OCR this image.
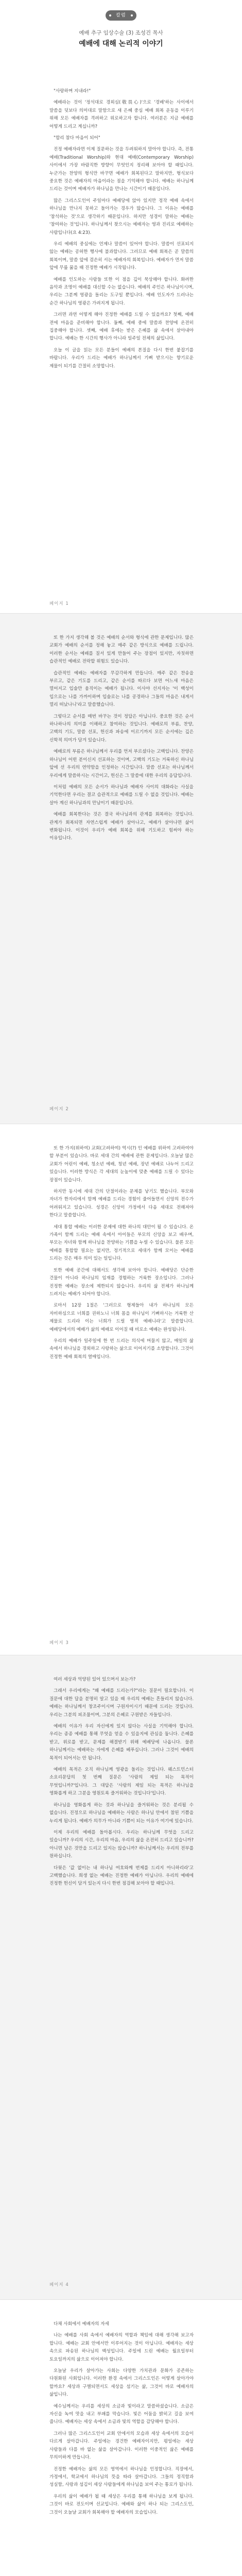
칼럼
예배 추구 임상수술 (3) 조성건 목사
예배에 대해 논리적 이야기

"사랑하며 지내라!"

예배라는 것이 '정석대로 경외심(敬畏心)'으로 '경배'하는 사이에서 말씀을 덧보다 의미대로 말함으로 새 은혜 중심 예배 회복 운동을 이루기 위해 모든 예배자를 격려하고 위로하고자 합니다. 여러분은 지금 예배를 어떻게 드리고 계십니까?

"합리 참다 마음이 되어"

진정 예배자라면 이제 질문하는 것을 두려워하지 말아야 합니다. 즉, 전통 예배(Traditional Worship)와 현대 예배(Contemporary Worship) 사이에서 가장 바람직한 방향이 무엇인지 정리해 보아야 할 때입니다. 누군가는 찬양의 형식만 바꾸면 예배가 회복된다고 말하지만, 형식보다 중요한 것은 예배자의 마음이라는 점을 기억해야 합니다. 예배는 하나님께 드리는 것이며 예배자가 하나님을 만나는 시간이기 때문입니다.

많은 그리스도인이 주일마다 예배당에 앉아 있지만 정작 예배 속에서 하나님을 만나지 못하고 돌아가는 경우가 많습니다. 그 이유는 예배를 '참석하는 것'으로 생각하기 때문입니다. 하지만 성경이 말하는 예배는 '참여하는 것'입니다. 하나님께서 찾으시는 예배자는 영과 진리로 예배하는 사람입니다(요 4:23).

우리 예배의 중심에는 언제나 말씀이 있어야 합니다. 말씀이 선포되지 않는 예배는 공허한 행사에 불과합니다. 그러므로 예배 회복은 곧 말씀의 회복이며, 말씀 앞에 겸손히 서는 예배자의 회복입니다. 예배자가 먼저 말씀 앞에 무릎 꿇을 때 진정한 예배가 시작됩니다.

예배를 인도하는 사람들 또한 이 점을 깊이 묵상해야 합니다. 화려한 음악과 조명이 예배를 대신할 수는 없습니다. 예배의 주인은 하나님이시며, 우리는 그분께 영광을 돌리는 도구일 뿐입니다. 예배 인도자가 드러나는 순간 하나님의 영광은 가려지게 됩니다.

그러면 과연 어떻게 해야 진정한 예배를 드릴 수 있을까요? 첫째, 예배 전에 마음을 준비해야 합니다. 둘째, 예배 중에 말씀과 찬양에 온전히 집중해야 합니다. 셋째, 예배 후에는 받은 은혜를 삶 속에서 살아내야 합니다. 예배는 한 시간의 행사가 아니라 일주일 전체의 삶입니다.

오늘 이 글을 읽는 모든 분들이 예배의 본질을 다시 한번 붙잡기를 바랍니다. 우리가 드리는 예배가 하나님께서 기뻐 받으시는 향기로운 제물이 되기를 간절히 소망합니다.

페이지 1

또 한 가지 생각해 볼 것은 예배의 순서와 형식에 관한 문제입니다. 많은 교회가 예배의 순서를 정해 놓고 매주 같은 방식으로 예배를 드립니다. 이러한 순서는 예배를 질서 있게 만들어 주는 장점이 있지만, 자칫하면 습관적인 예배로 전락할 위험도 있습니다.

습관적인 예배는 예배자를 무감각하게 만듭니다. 매주 같은 찬송을 부르고, 같은 기도를 드리고, 같은 순서를 따르다 보면 어느새 마음은 멀어지고 입술만 움직이는 예배가 됩니다. 이사야 선지자는 '이 백성이 입으로는 나를 가까이하며 입술로는 나를 공경하나 그들의 마음은 내게서 멀리 떠났나니'라고 말씀했습니다.

그렇다고 순서를 매번 바꾸는 것이 정답은 아닙니다. 중요한 것은 순서 하나하나의 의미를 이해하고 참여하는 것입니다. 예배로의 부름, 찬양, 고백의 기도, 말씀 선포, 헌신과 파송에 이르기까지 모든 순서에는 깊은 신학적 의미가 담겨 있습니다.

예배로의 부름은 하나님께서 우리를 먼저 부르셨다는 고백입니다. 찬양은 하나님이 어떤 분이신지 선포하는 것이며, 고백의 기도는 거룩하신 하나님 앞에 선 우리의 연약함을 인정하는 시간입니다. 말씀 선포는 하나님께서 우리에게 말씀하시는 시간이고, 헌신은 그 말씀에 대한 우리의 응답입니다.

이처럼 예배의 모든 순서가 하나님과 예배자 사이의 대화라는 사실을 기억한다면 우리는 결코 습관적으로 예배를 드릴 수 없을 것입니다. 예배는 살아 계신 하나님과의 만남이기 때문입니다.

예배를 회복한다는 것은 결국 하나님과의 관계를 회복하는 것입니다. 관계가 회복되면 자연스럽게 예배가 살아나고, 예배가 살아나면 삶이 변화됩니다. 이것이 우리가 예배 회복을 위해 기도하고 힘써야 하는 이유입니다.

페이지 2

또 한 가지(위하여) 교회(고려하여) 역시(?) 인 예배를 위하여 고려하여야 할 부분이 있습니다. 바로 세대 간의 예배에 관한 문제입니다. 오늘날 많은 교회가 어린이 예배, 청소년 예배, 청년 예배, 장년 예배로 나누어 드리고 있습니다. 이러한 방식은 각 세대의 눈높이에 맞춘 예배를 드릴 수 있다는 장점이 있습니다.

하지만 동시에 세대 간의 단절이라는 문제를 낳기도 했습니다. 부모와 자녀가 한자리에서 함께 예배를 드리는 경험이 줄어들면서 신앙의 전수가 어려워지고 있습니다. 성경은 신앙이 가정에서 다음 세대로 전해져야 한다고 말씀합니다.

세대 통합 예배는 이러한 문제에 대한 하나의 대안이 될 수 있습니다. 온 가족이 함께 드리는 예배 속에서 아이들은 부모의 신앙을 보고 배우며, 부모는 자녀와 함께 하나님을 찬양하는 기쁨을 누릴 수 있습니다. 물론 모든 예배를 통합할 필요는 없지만, 정기적으로 세대가 함께 모이는 예배를 드리는 것은 매우 의미 있는 일입니다.

또한 예배 공간에 대해서도 생각해 보아야 합니다. 예배당은 단순한 건물이 아니라 하나님의 임재를 경험하는 거룩한 장소입니다. 그러나 진정한 예배는 장소에 제한되지 않습니다. 우리의 삶 전체가 하나님께 드려지는 예배가 되어야 합니다.

로마서 12장 1절은 '그러므로 형제들아 내가 하나님의 모든 자비하심으로 너희를 권하노니 너희 몸을 하나님이 기뻐하시는 거룩한 산 제물로 드리라 이는 너희가 드릴 영적 예배니라'고 말씀합니다. 예배당에서의 예배가 삶의 예배로 이어질 때 비로소 예배는 완성됩니다.

우리의 예배가 일주일에 한 번 드리는 의식에 머물지 않고, 매일의 삶 속에서 하나님을 경외하고 사랑하는 삶으로 이어지기를 소망합니다. 그것이 진정한 예배 회복의 열매입니다.

페이지 3

여러 세상과 억양된 있어 있으며서 보는가?

그래서 우리에게는 "왜 예배를 드리는가?"라는 질문이 필요합니다. 이 질문에 대한 답을 분명히 알고 있을 때 우리의 예배는 흔들리지 않습니다. 예배는 하나님께서 창조주이시며 구원자이시기 때문에 드리는 것입니다. 우리는 그분의 피조물이며, 그분의 은혜로 구원받은 자들입니다.

예배의 이유가 우리 자신에게 있지 않다는 사실을 기억해야 합니다. 우리는 종종 예배를 통해 무엇을 얻을 수 있을지에 관심을 둡니다. 은혜를 받고, 위로를 받고, 문제를 해결받기 위해 예배당에 나옵니다. 물론 하나님께서는 예배하는 자에게 은혜를 베푸십니다. 그러나 그것이 예배의 목적이 되어서는 안 됩니다.

예배의 목적은 오직 하나님께 영광을 돌리는 것입니다. 웨스트민스터 소요리문답의 첫 번째 질문은 '사람의 제일 되는 목적이 무엇입니까?'입니다. 그 대답은 '사람의 제일 되는 목적은 하나님을 영화롭게 하고 그분을 영원토록 즐거워하는 것입니다'입니다.

하나님을 영화롭게 하는 것과 하나님을 즐거워하는 것은 분리될 수 없습니다. 진정으로 하나님을 예배하는 사람은 하나님 안에서 참된 기쁨을 누리게 됩니다. 예배가 의무가 아니라 기쁨이 되는 이유가 여기에 있습니다.

이제 우리의 예배를 돌아봅시다. 우리는 하나님께 무엇을 드리고 있습니까? 우리의 시간, 우리의 마음, 우리의 삶을 온전히 드리고 있습니까? 아니면 남은 것만을 드리고 있지는 않습니까? 하나님께서는 우리의 전부를 원하십니다.

다윗은 '값 없이는 내 하나님 여호와께 번제를 드리지 아니하리라'고 고백했습니다. 희생 없는 예배는 진정한 예배가 아닙니다. 우리의 예배에 진정한 헌신이 담겨 있는지 다시 한번 점검해 보아야 할 때입니다.

페이지 4

다채 사회에서 예배자의 자세

나는 예배를 사회 속에서 예배자의 역할과 책임에 대해 생각해 보고자 합니다. 예배는 교회 안에서만 이루어지는 것이 아닙니다. 예배자는 세상 속으로 파송된 하나님의 백성입니다. 주일에 드린 예배는 월요일부터 토요일까지의 삶으로 이어져야 합니다.

오늘날 우리가 살아가는 사회는 다양한 가치관과 문화가 공존하는 다원화된 사회입니다. 이러한 환경 속에서 그리스도인은 어떻게 살아가야 할까요? 세상과 구별되면서도 세상을 섬기는 삶, 그것이 바로 예배자의 삶입니다.

예수님께서는 우리를 세상의 소금과 빛이라고 말씀하셨습니다. 소금은 자신을 녹여 맛을 내고 부패를 막습니다. 빛은 어둠을 밝히고 길을 보여 줍니다. 예배자는 세상 속에서 소금과 빛의 역할을 감당해야 합니다.

그러나 많은 그리스도인이 교회 안에서의 모습과 세상 속에서의 모습이 다르게 살아갑니다. 주일에는 경건한 예배자이지만, 평일에는 세상 사람들과 다를 바 없는 삶을 살아갑니다. 이러한 이중적인 삶은 예배를 무의미하게 만듭니다.

진정한 예배자는 삶의 모든 영역에서 하나님을 인정합니다. 직장에서, 가정에서, 학교에서 하나님의 뜻을 따라 살아갑니다. 그들의 정직함과 성실함, 사랑과 섬김이 세상 사람들에게 하나님을 보여 주는 통로가 됩니다.

우리의 삶이 예배가 될 때 세상은 우리를 통해 하나님을 보게 됩니다. 그것이 바로 전도이며 선교입니다. 예배와 삶이 하나 되는 그리스도인, 그것이 오늘날 교회가 회복해야 할 예배자의 모습입니다.
